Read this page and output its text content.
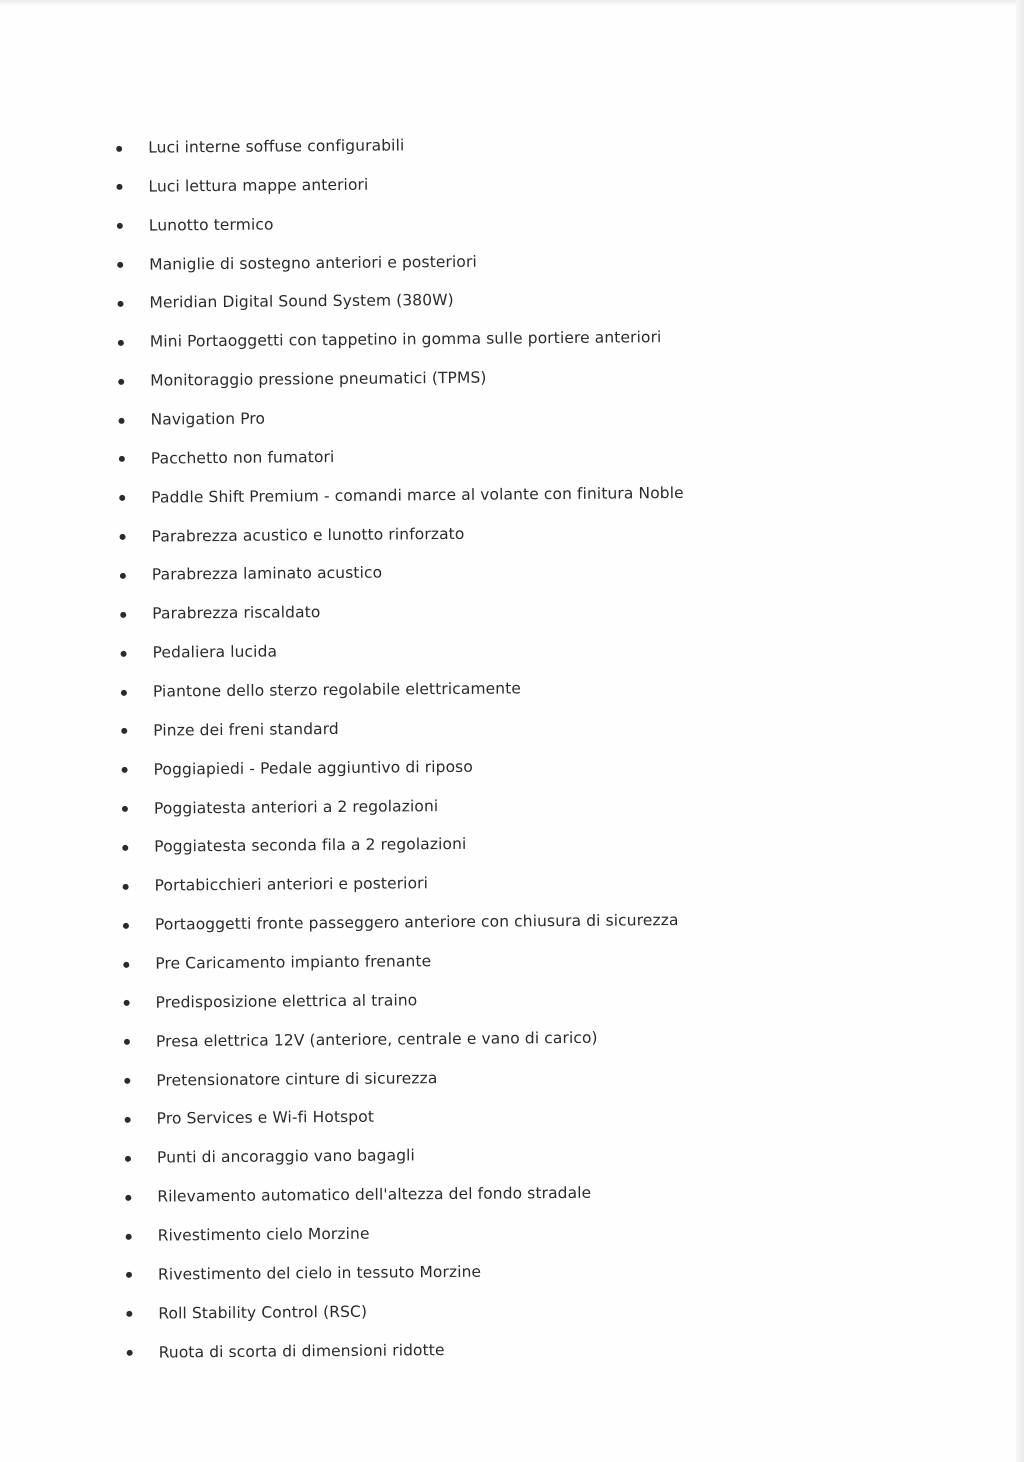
Luci interne soffuse configurabili
Luci lettura mappe anteriori
Lunotto termico
Maniglie di sostegno anteriori e posteriori
Meridian Digital Sound System (380W)
Mini Portaoggetti con tappetino in gomma sulle portiere anteriori
Monitoraggio pressione pneumatici (TPMS)
Navigation Pro
Pacchetto non fumatori
Paddle Shift Premium - comandi marce al volante con finitura Noble
Parabrezza acustico e lunotto rinforzato
Parabrezza laminato acustico
Parabrezza riscaldato
Pedaliera lucida
Piantone dello sterzo regolabile elettricamente
Pinze dei freni standard
Poggiapiedi - Pedale aggiuntivo di riposo
Poggiatesta anteriori a 2 regolazioni
Poggiatesta seconda fila a 2 regolazioni
Portabicchieri anteriori e posteriori
Portaoggetti fronte passeggero anteriore con chiusura di sicurezza
Pre Caricamento impianto frenante
Predisposizione elettrica al traino
Presa elettrica 12V (anteriore, centrale e vano di carico)
Pretensionatore cinture di sicurezza
Pro Services e Wi-fi Hotspot
Punti di ancoraggio vano bagagli
Rilevamento automatico dell'altezza del fondo stradale
Rivestimento cielo Morzine
Rivestimento del cielo in tessuto Morzine
Roll Stability Control (RSC)
Ruota di scorta di dimensioni ridotte
